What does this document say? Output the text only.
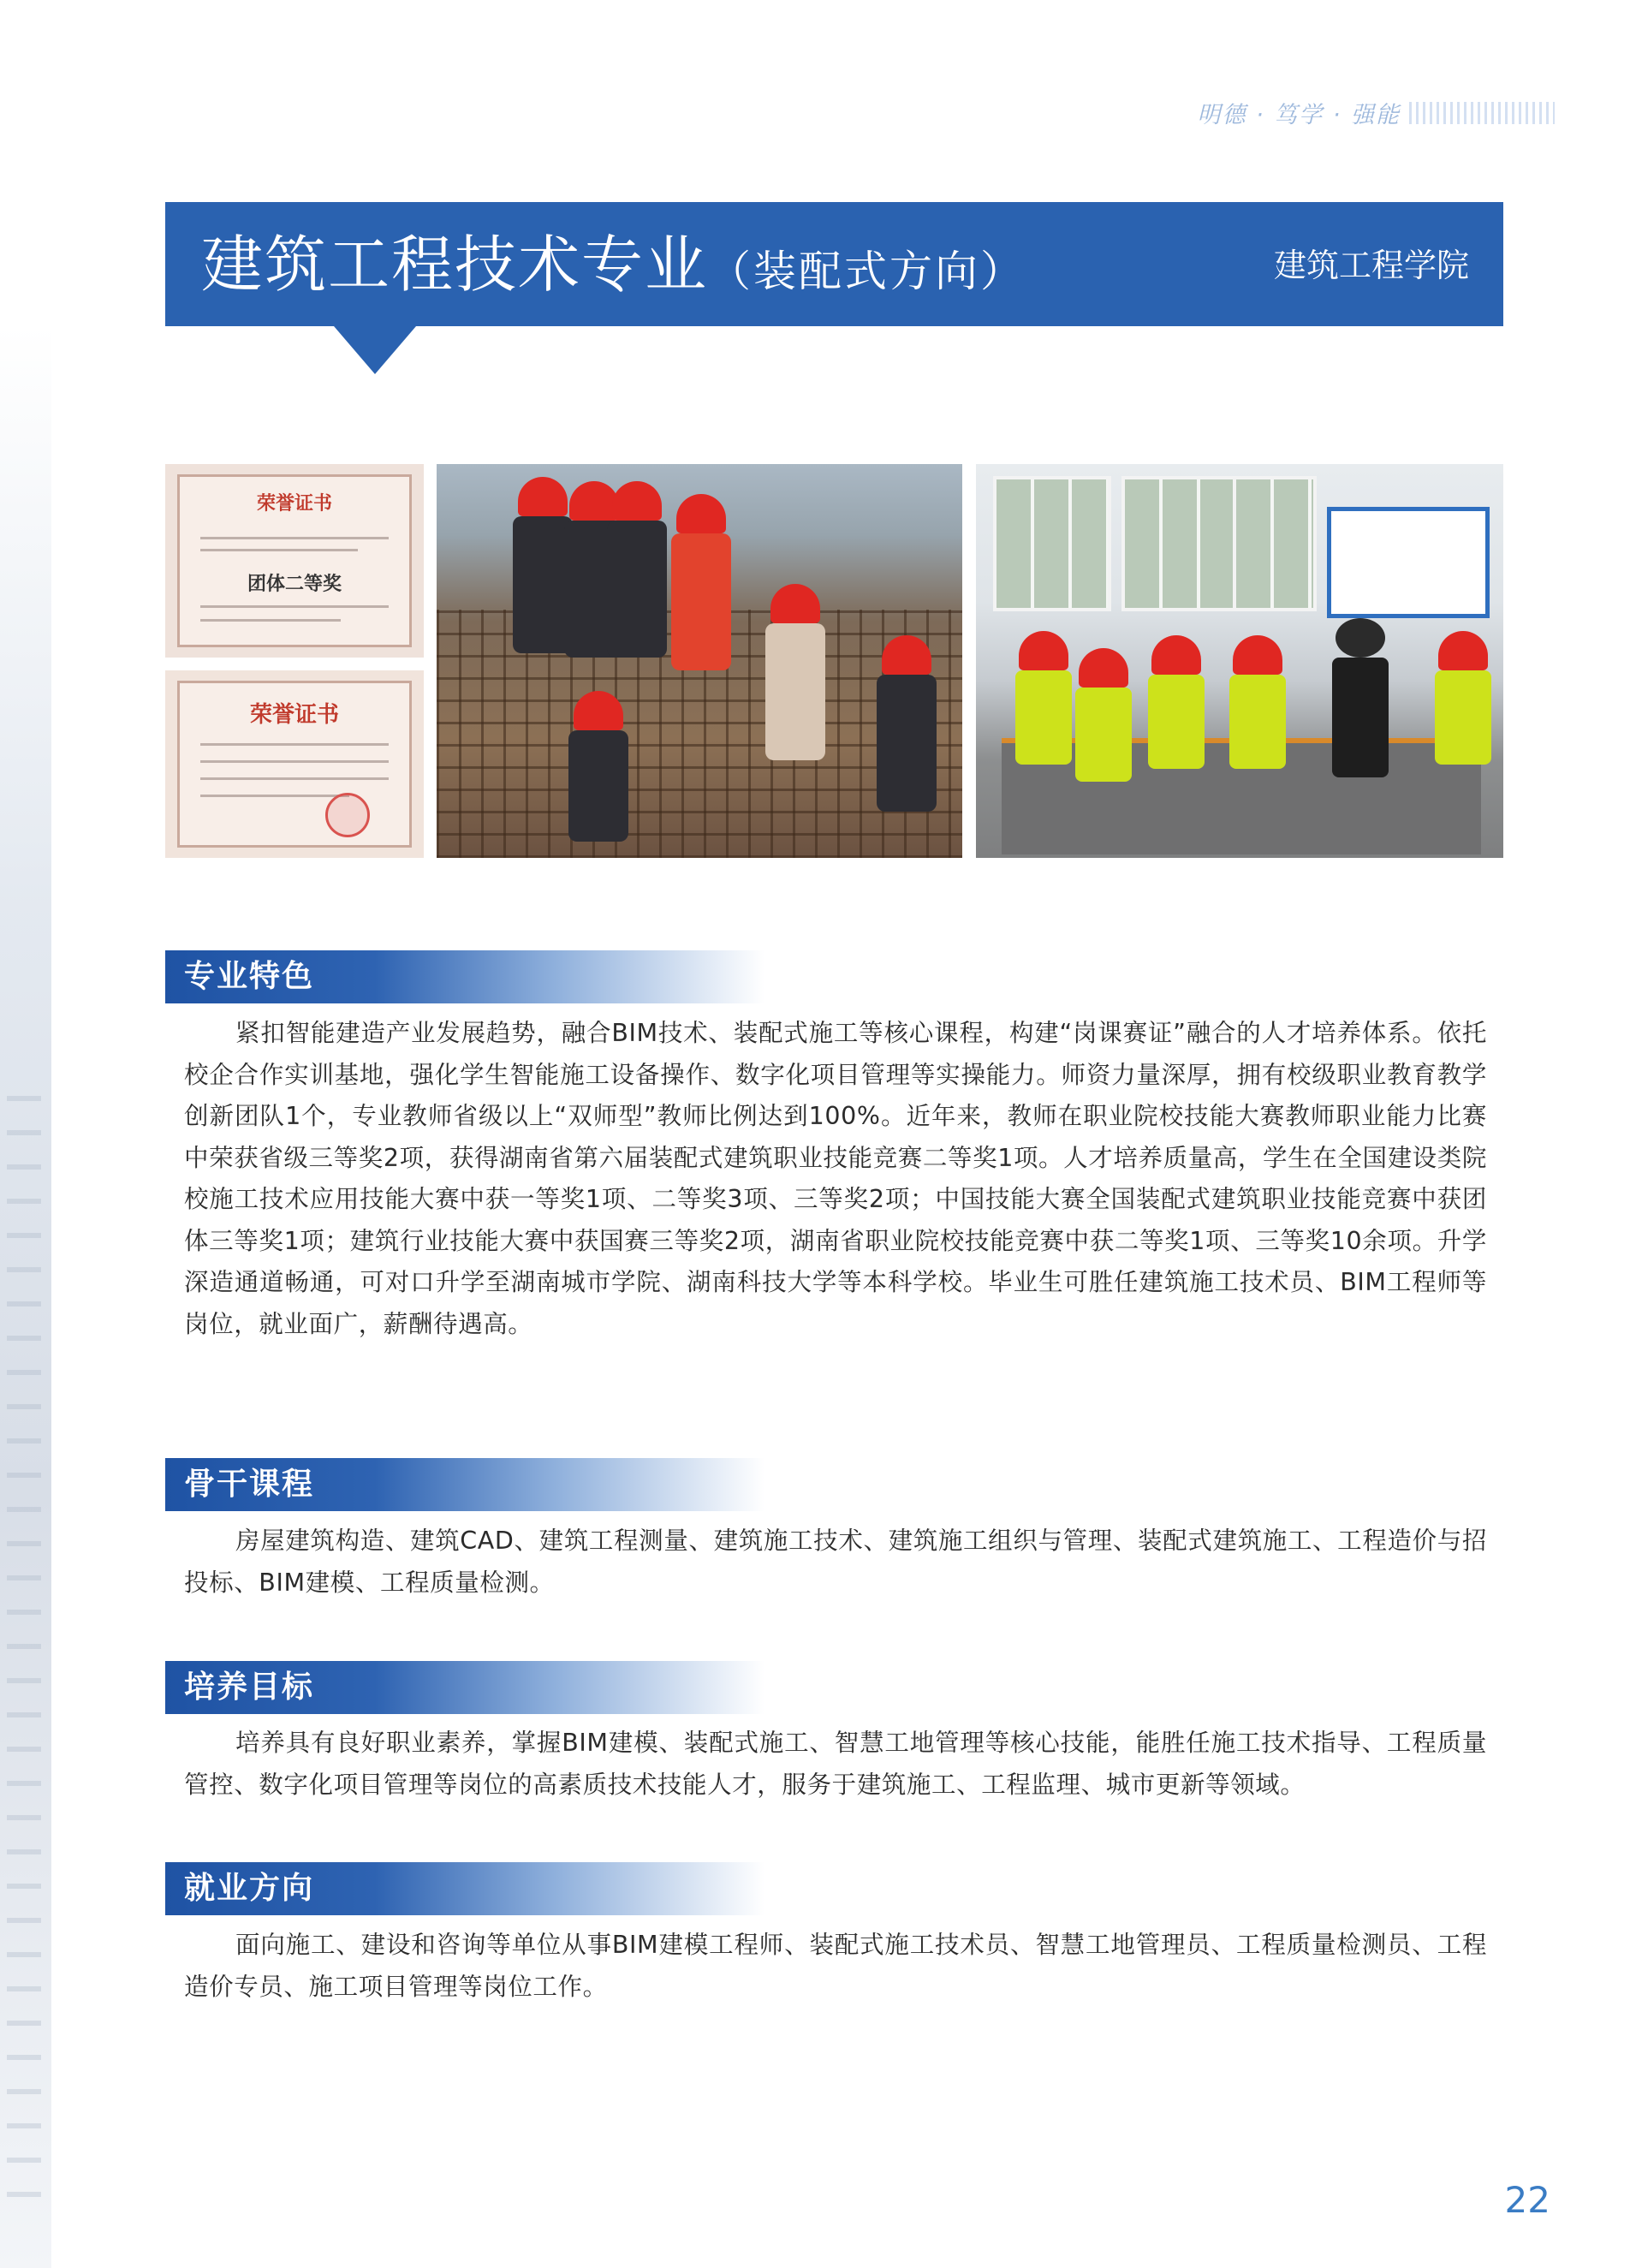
明德 · 笃学 · 强能
建筑工程技术专业（装配式方向）	建筑工程学院
荣誉证书
团体二等奖
荣誉证书
专业特色

紧扣智能建造产业发展趋势，融合BIM技术、装配式施工等核心课程，构建“岗课赛证”融合的人才培养体系。依托校企合作实训基地，强化学生智能施工设备操作、数字化项目管理等实操能力。师资力量深厚，拥有校级职业教育教学创新团队1个，专业教师省级以上“双师型”教师比例达到100%。近年来，教师在职业院校技能大赛教师职业能力比赛中荣获省级三等奖2项，获得湖南省第六届装配式建筑职业技能竞赛二等奖1项。人才培养质量高，学生在全国建设类院校施工技术应用技能大赛中获一等奖1项、二等奖3项、三等奖2项；中国技能大赛全国装配式建筑职业技能竞赛中获团体三等奖1项；建筑行业技能大赛中获国赛三等奖2项，湖南省职业院校技能竞赛中获二等奖1项、三等奖10余项。升学深造通道畅通，可对口升学至湖南城市学院、湖南科技大学等本科学校。毕业生可胜任建筑施工技术员、BIM工程师等岗位，就业面广，薪酬待遇高。

骨干课程

房屋建筑构造、建筑CAD、建筑工程测量、建筑施工技术、建筑施工组织与管理、装配式建筑施工、工程造价与招投标、BIM建模、工程质量检测。

培养目标

培养具有良好职业素养，掌握BIM建模、装配式施工、智慧工地管理等核心技能，能胜任施工技术指导、工程质量管控、数字化项目管理等岗位的高素质技术技能人才，服务于建筑施工、工程监理、城市更新等领域。

就业方向

面向施工、建设和咨询等单位从事BIM建模工程师、装配式施工技术员、智慧工地管理员、工程质量检测员、工程造价专员、施工项目管理等岗位工作。

22
